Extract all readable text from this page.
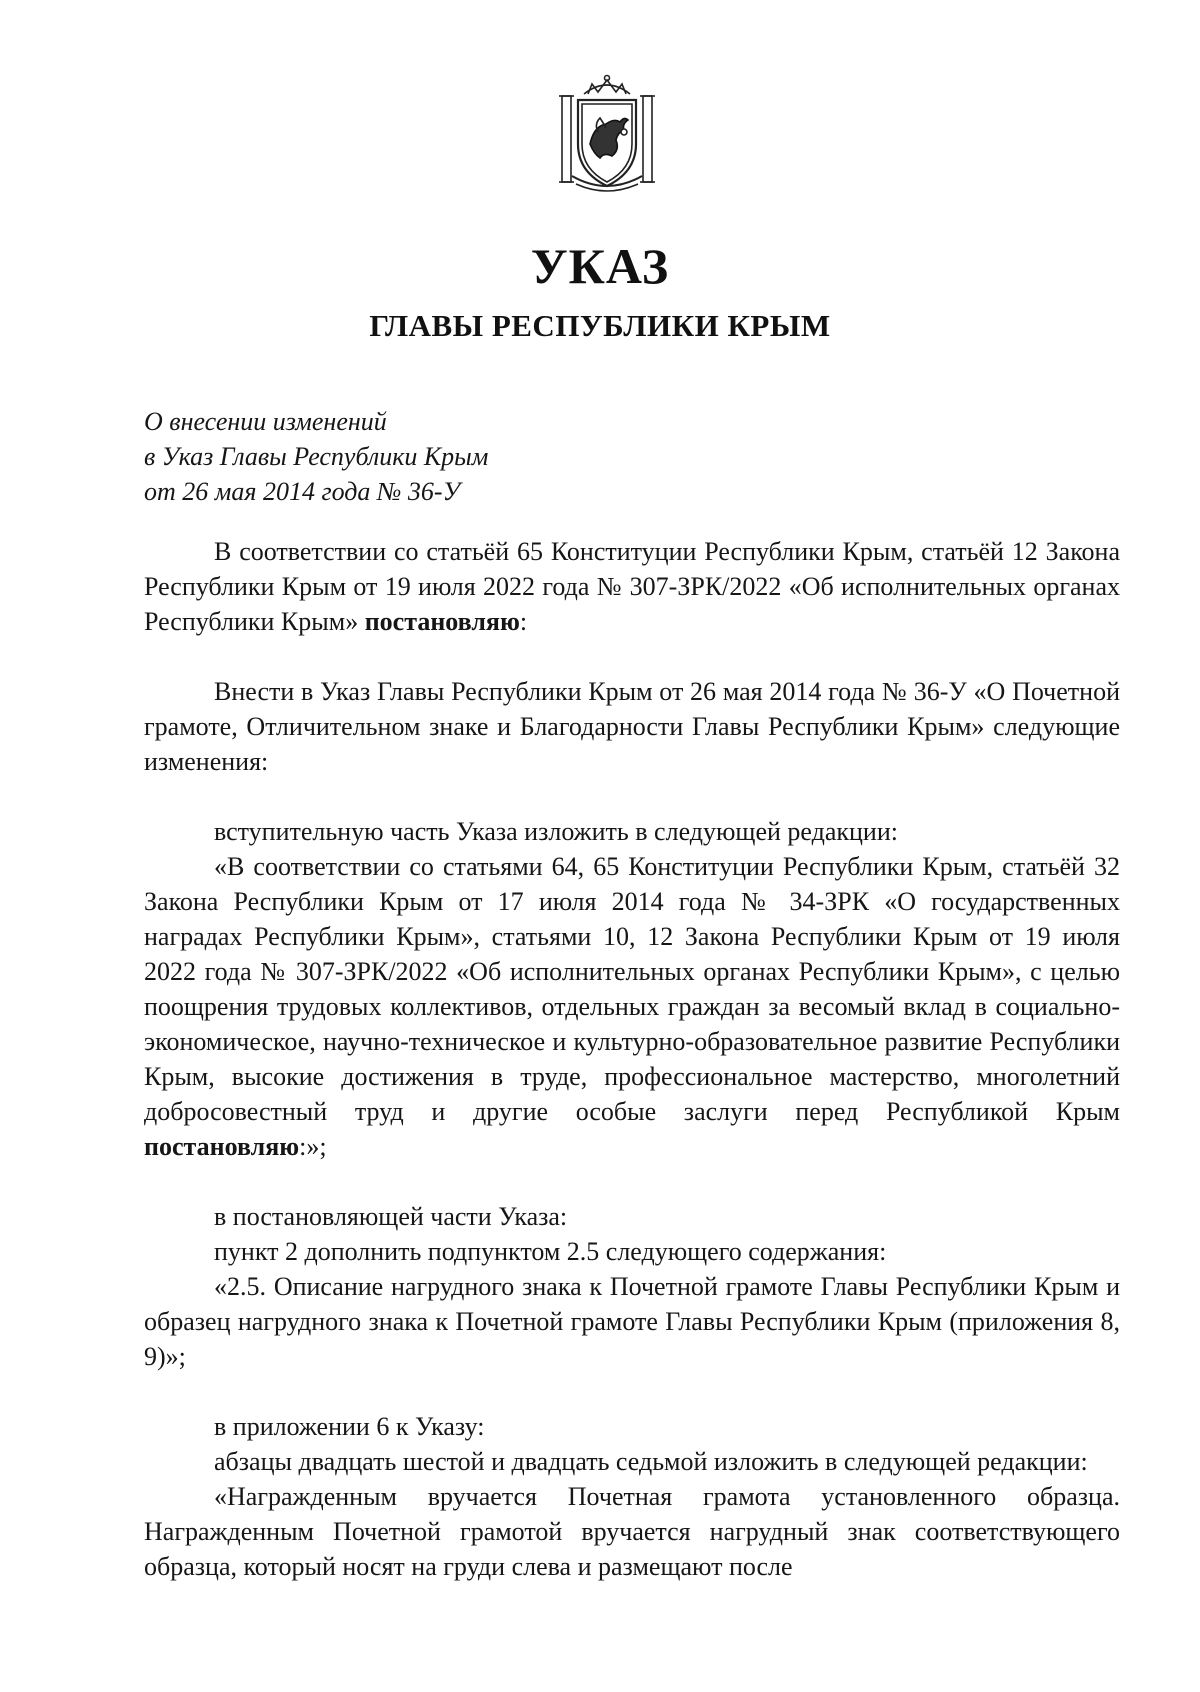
УКАЗ
ГЛАВЫ РЕСПУБЛИКИ КРЫМ
О внесении изменений
в Указ Главы Республики Крым
от 26 мая 2014 года № 36-У

В соответствии со статьёй 65 Конституции Республики Крым, статьёй 12 Закона Республики Крым от 19 июля 2022 года № 307-ЗРК/2022 «Об исполнительных органах Республики Крым» постановляю:

Внести в Указ Главы Республики Крым от 26 мая 2014 года № 36-У «О Почетной грамоте, Отличительном знаке и Благодарности Главы Республики Крым» следующие изменения:

вступительную часть Указа изложить в следующей редакции:

«В соответствии со статьями 64, 65 Конституции Республики Крым, статьёй 32 Закона Республики Крым от 17 июля 2014 года № 34-ЗРК «О государственных наградах Республики Крым», статьями 10, 12 Закона Республики Крым от 19 июля 2022 года № 307-ЗРК/2022 «Об исполнительных органах Республики Крым», с целью поощрения трудовых коллективов, отдельных граждан за весомый вклад в социально-экономическое, научно-техническое и культурно-образовательное развитие Республики Крым, высокие достижения в труде, профессиональное мастерство, многолетний добросовестный труд и другие особые заслуги перед Республикой Крым постановляю:»;

в постановляющей части Указа:

пункт 2 дополнить подпунктом 2.5 следующего содержания:

«2.5. Описание нагрудного знака к Почетной грамоте Главы Республики Крым и образец нагрудного знака к Почетной грамоте Главы Республики Крым (приложения 8, 9)»;

в приложении 6 к Указу:

абзацы двадцать шестой и двадцать седьмой изложить в следующей редакции:

«Награжденным вручается Почетная грамота установленного образца. Награжденным Почетной грамотой вручается нагрудный знак соответствующего образца, который носят на груди слева и размещают после
